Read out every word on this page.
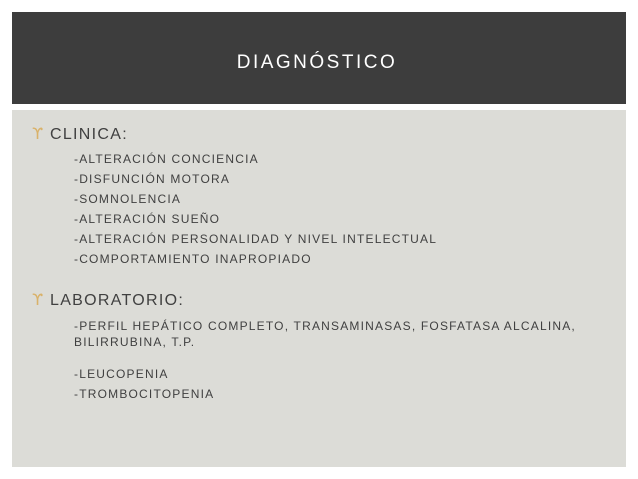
DIAGNÓSTICO
ϒ CLINICA:
-ALTERACIÓN CONCIENCIA
-DISFUNCIÓN MOTORA
-SOMNOLENCIA
-ALTERACIÓN SUEÑO
-ALTERACIÓN PERSONALIDAD Y NIVEL INTELECTUAL
-COMPORTAMIENTO INAPROPIADO
ϒ LABORATORIO:
-PERFIL HEPÁTICO COMPLETO, TRANSAMINASAS, FOSFATASA ALCALINA,
BILIRRUBINA, T.P.
-LEUCOPENIA
-TROMBOCITOPENIA
